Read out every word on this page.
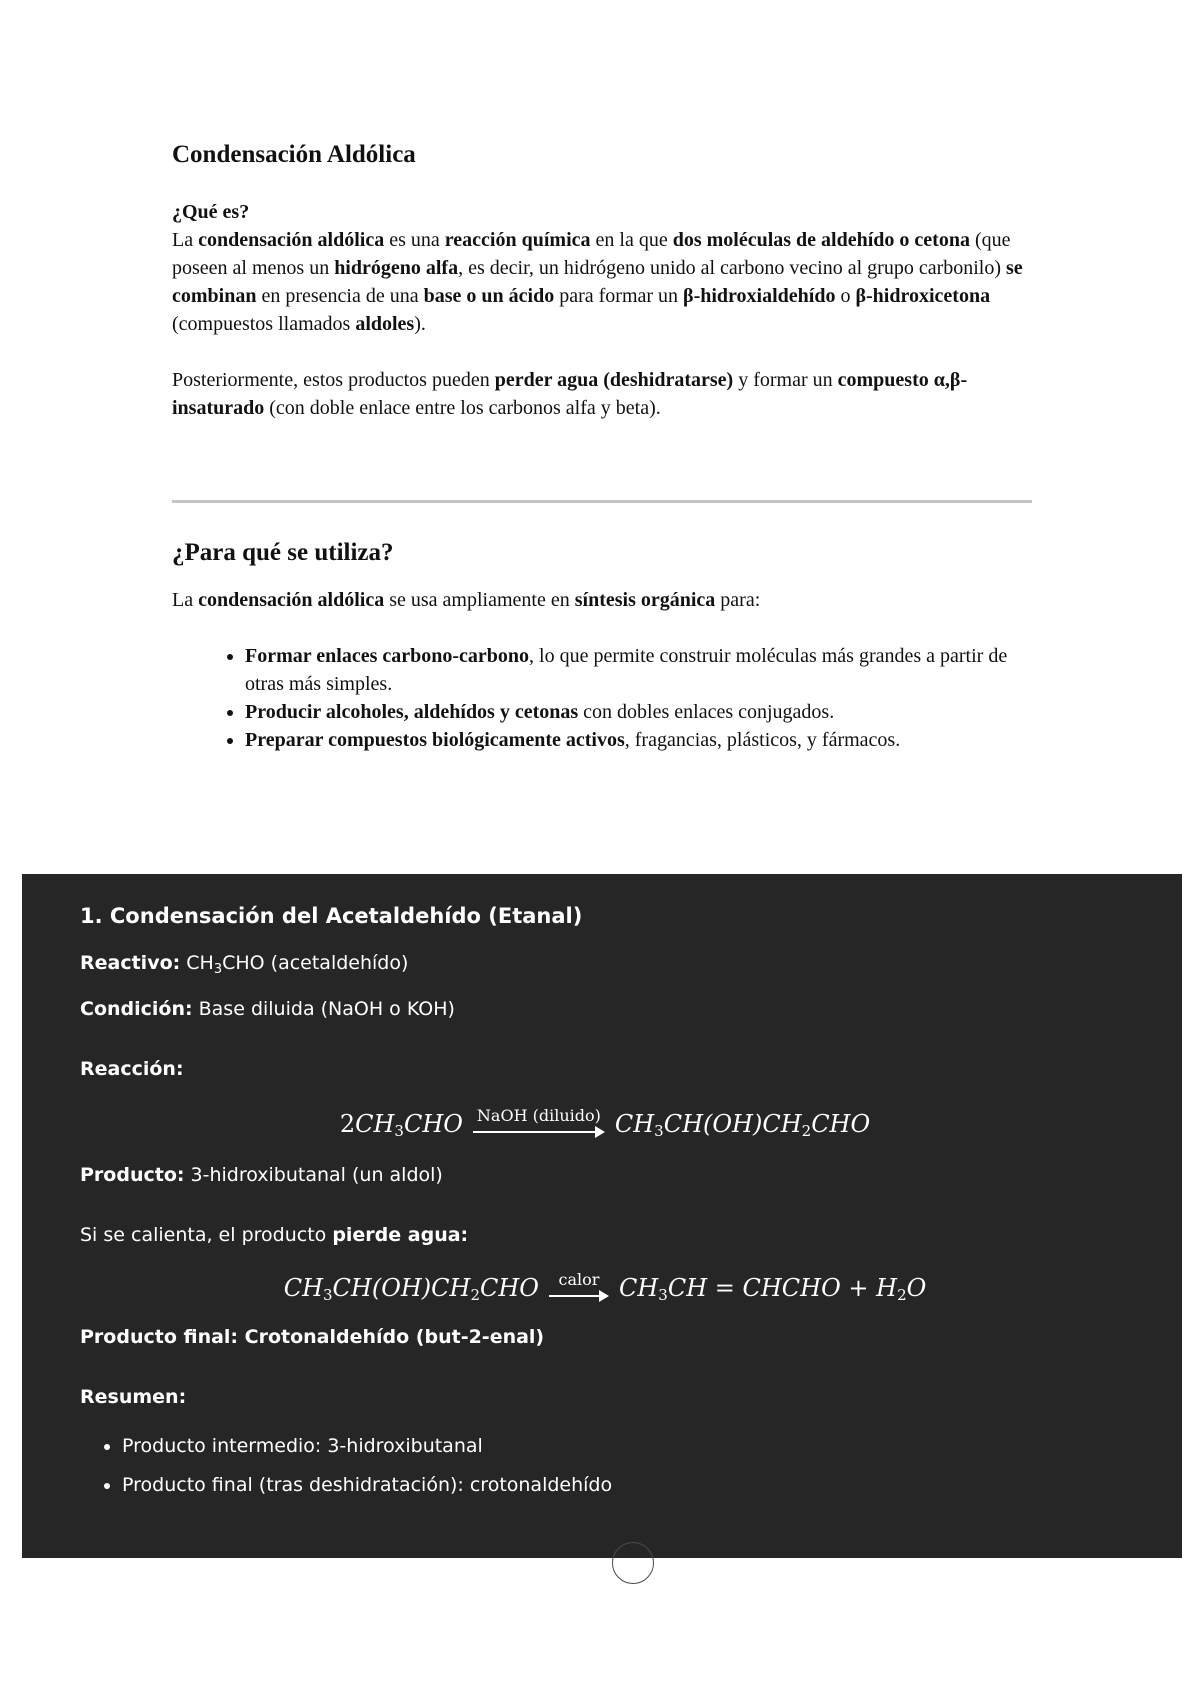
Condensación Aldólica
¿Qué es?

La condensación aldólica es una reacción química en la que dos moléculas de aldehído o cetona (que poseen al menos un hidrógeno alfa, es decir, un hidrógeno unido al carbono vecino al grupo carbonilo) se combinan en presencia de una base o un ácido para formar un β-hidroxialdehído o β-hidroxicetona (compuestos llamados aldoles).

Posteriormente, estos productos pueden perder agua (deshidratarse) y formar un compuesto α,β-insaturado (con doble enlace entre los carbonos alfa y beta).

¿Para qué se utiliza?

La condensación aldólica se usa ampliamente en síntesis orgánica para:

• Formar enlaces carbono-carbono, lo que permite construir moléculas más grandes a partir de otras más simples.
• Producir alcoholes, aldehídos y cetonas con dobles enlaces conjugados.
• Preparar compuestos biológicamente activos, fragancias, plásticos, y fármacos.
1. Condensación del Acetaldehído (Etanal)

Reactivo: $CH_3CHO$ (acetaldehído)

Condición: Base diluida (NaOH o KOH)

Reacción:

$2CH_3CHO$ NaOH (diluido) $CH_3CH(OH)CH_2CHO$

Producto: 3-hidroxibutanal (un aldol)

Si se calienta, el producto pierde agua:

$CH_3CH(OH)CH_2CHO$ calor $CH_3CH$ = CHCHO + $H_2O$

Producto final: Crotonaldehído (but-2-enal)

Resumen:

• Producto intermedio: 3-hidroxibutanal
• Producto final (tras deshidratación): crotonaldehído
